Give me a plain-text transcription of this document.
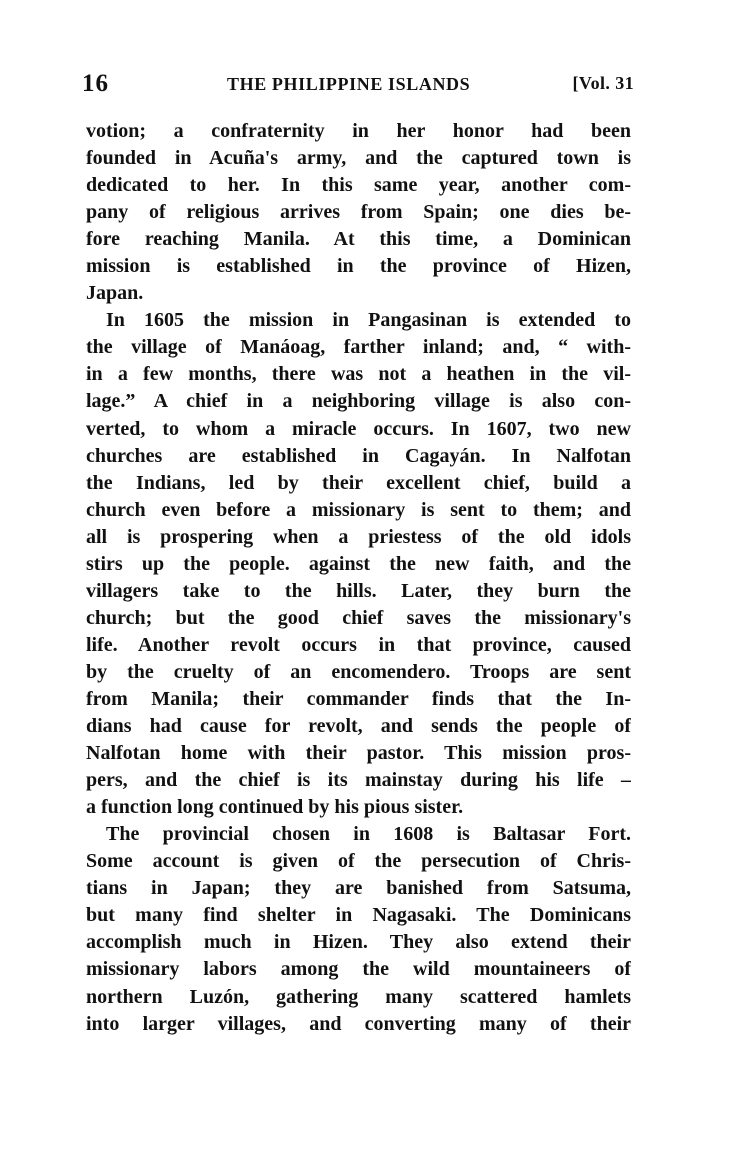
16	THE PHILIPPINE ISLANDS	[Vol. 31
votion; a confraternity in her honor had been
founded in Acuña's army, and the captured town is
dedicated to her. In this same year, another com-
pany of religious arrives from Spain; one dies be-
fore reaching Manila. At this time, a Dominican
mission is established in the province of Hizen,
Japan.
In 1605 the mission in Pangasinan is extended to
the village of Manáoag, farther inland; and, “ with-
in a few months, there was not a heathen in the vil-
lage.” A chief in a neighboring village is also con-
verted, to whom a miracle occurs. In 1607, two new
churches are established in Cagayán. In Nalfotan
the Indians, led by their excellent chief, build a
church even before a missionary is sent to them; and
all is prospering when a priestess of the old idols
stirs up the people. against the new faith, and the
villagers take to the hills. Later, they burn the
church; but the good chief saves the missionary's
life. Another revolt occurs in that province, caused
by the cruelty of an encomendero. Troops are sent
from Manila; their commander finds that the In-
dians had cause for revolt, and sends the people of
Nalfotan home with their pastor. This mission pros-
pers, and the chief is its mainstay during his life –
a function long continued by his pious sister.
The provincial chosen in 1608 is Baltasar Fort.
Some account is given of the persecution of Chris-
tians in Japan; they are banished from Satsuma,
but many find shelter in Nagasaki. The Dominicans
accomplish much in Hizen. They also extend their
missionary labors among the wild mountaineers of
northern Luzón, gathering many scattered hamlets
into larger villages, and converting many of their
